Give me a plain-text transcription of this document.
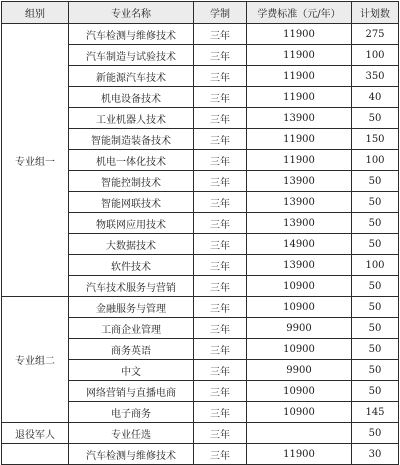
组别	专业名称	学制	学费标准（元/年）	计划数
专业组一	汽车检测与维修技术	三年	11900	275
	汽车制造与试验技术	三年	11900	100
	新能源汽车技术	三年	11900	350
	机电设备技术	三年	11900	40
	工业机器人技术	三年	13900	50
	智能制造装备技术	三年	11900	150
	机电一体化技术	三年	11900	100
	智能控制技术	三年	13900	50
	智能网联技术	三年	13900	50
	物联网应用技术	三年	13900	50
	大数据技术	三年	14900	50
	软件技术	三年	13900	100
	汽车技术服务与营销	三年	10900	50
专业组二	金融服务与管理	三年	10900	50
	工商企业管理	三年	9900	50
	商务英语	三年	10900	50
	中文	三年	9900	50
	网络营销与直播电商	三年	10900	50
	电子商务	三年	10900	145
退役军人	专业任选	三年		50
	汽车检测与维修技术	三年	11900	30
